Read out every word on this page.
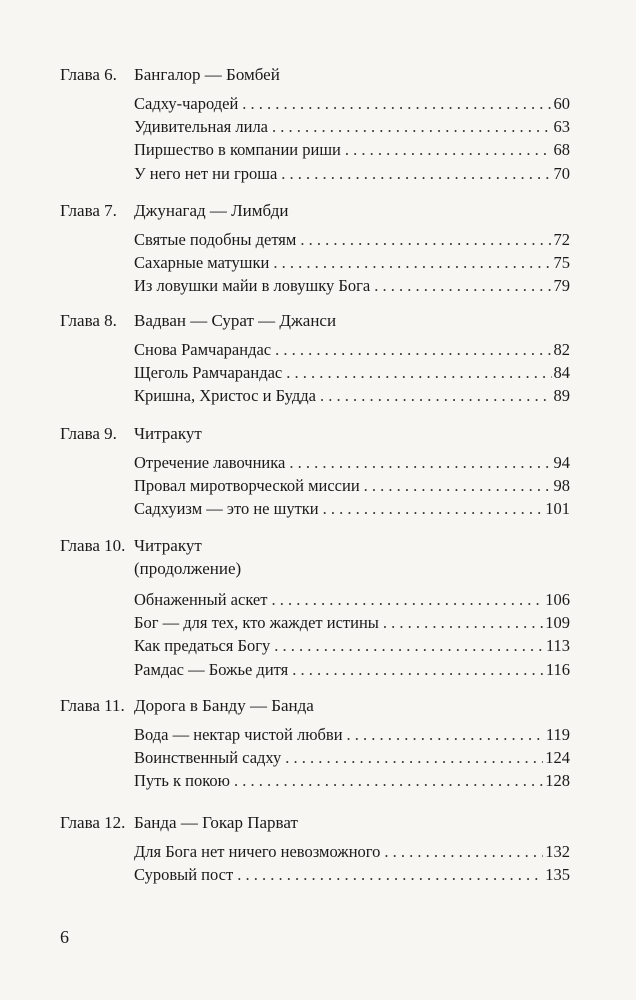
Глава 6. Бангалор — Бомбей
Садху-чародей . . .	60
Удивительная лила . . .	63
Пиршество в компании риши . . .	68
У него нет ни гроша . . .	70
Глава 7. Джунагад — Лимбди
Святые подобны детям . . .	72
Сахарные матушки . . .	75
Из ловушки майи в ловушку Бога . . .	79
Глава 8. Вадван — Сурат — Джанси
Снова Рамчарандас . . .	82
Щеголь Рамчарандас . . .	84
Кришна, Христос и Будда . . .	89
Глава 9. Читракут
Отречение лавочника . . .	94
Провал миротворческой миссии . . .	98
Садхуизм — это не шутки . . .	101
Глава 10. Читракут
(продолжение)
Обнаженный аскет . . .	106
Бог — для тех, кто жаждет истины . . .	109
Как предаться Богу . . .	113
Рамдас — Божье дитя . . .	116
Глава 11. Дорога в Банду — Банда
Вода — нектар чистой любви . . .	119
Воинственный садху . . .	124
Путь к покою . . .	128
Глава 12. Банда — Гокар Парват
Для Бога нет ничего невозможного . . .	132
Суровый пост . . .	135
6
